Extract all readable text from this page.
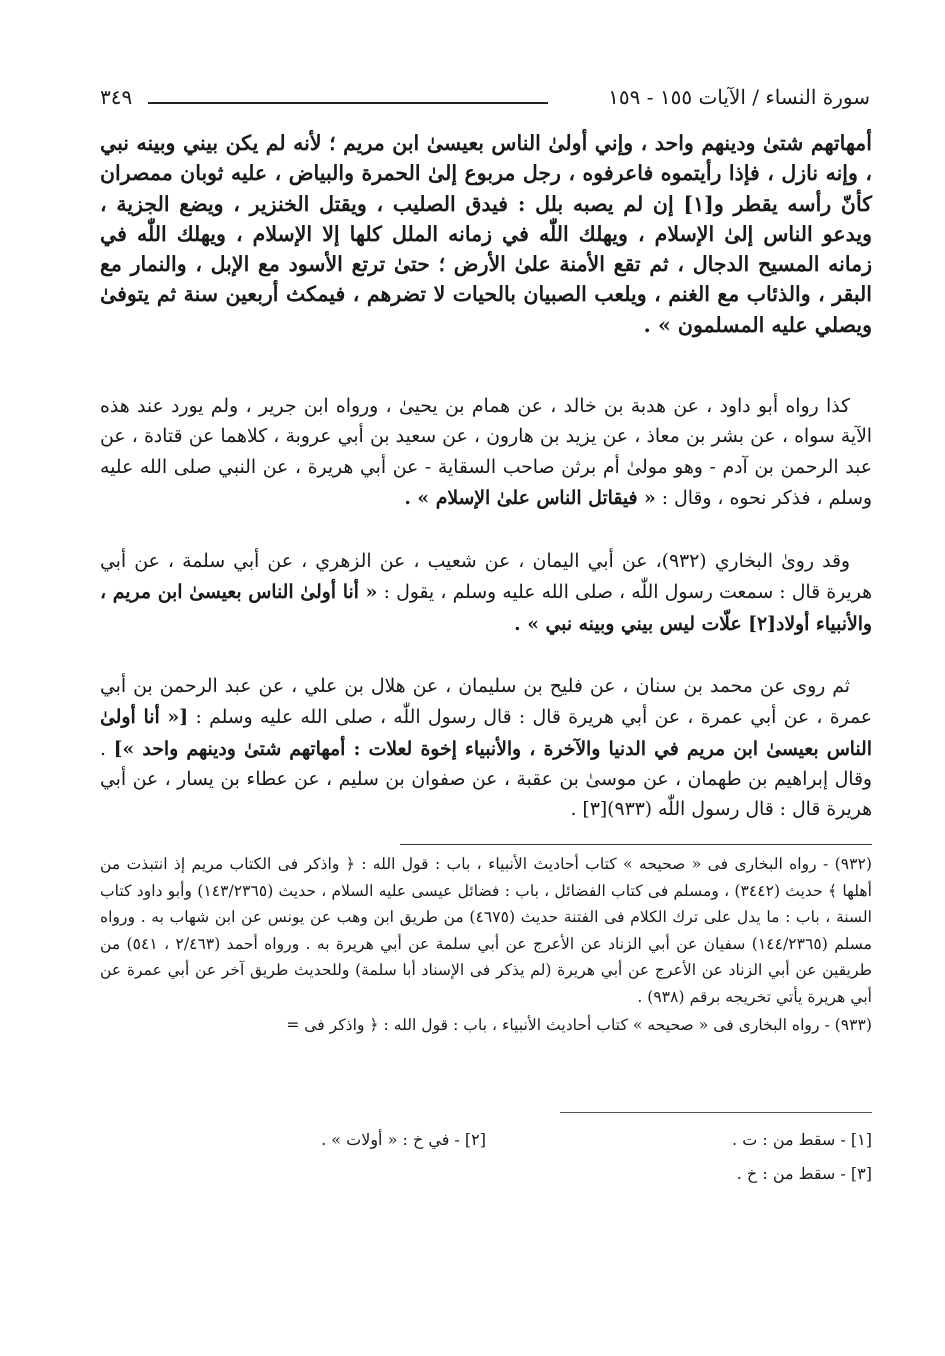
سورة النساء / الآيات ١٥٥ - ١٥٩
٣٤٩
أمهاتهم شتىٰ ودينهم واحد ، وإني أولىٰ الناس بعيسىٰ ابن مريم ؛ لأنه لم يكن بيني وبينه نبي ، وإنه نازل ، فإذا رأيتموه فاعرفوه ، رجل مربوع إلىٰ الحمرة والبياض ، عليه ثوبان ممصران كأنّ رأسه يقطر و[١] إن لم يصبه بلل : فيدق الصليب ، ويقتل الخنزير ، ويضع الجزية ، ويدعو الناس إلىٰ الإسلام ، ويهلك اللّٰه في زمانه الملل كلها إلا الإسلام ، ويهلك اللّٰه في زمانه المسيح الدجال ، ثم تقع الأمنة علىٰ الأرض ؛ حتىٰ ترتع الأسود مع الإبل ، والنمار مع البقر ، والذئاب مع الغنم ، ويلعب الصبيان بالحيات لا تضرهم ، فيمكث أربعين سنة ثم يتوفىٰ ويصلي عليه المسلمون » .
كذا رواه أبو داود ، عن هدبة بن خالد ، عن همام بن يحيىٰ ، ورواه ابن جرير ، ولم يورد عند هذه الآية سواه ، عن بشر بن معاذ ، عن يزيد بن هارون ، عن سعيد بن أبي عروبة ، كلاهما عن قتادة ، عن عبد الرحمن بن آدم - وهو مولىٰ أم برثن صاحب السقاية - عن أبي هريرة ، عن النبي صلى الله عليه وسلم ، فذكر نحوه ، وقال : « فيقاتل الناس علىٰ الإسلام » .
وقد روىٰ البخاري (٩٣٢)، عن أبي اليمان ، عن شعيب ، عن الزهري ، عن أبي سلمة ، عن أبي هريرة قال : سمعت رسول اللّٰه ، صلى الله عليه وسلم ، يقول : « أنا أولىٰ الناس بعيسىٰ ابن مريم ، والأنبياء أولاد[٢] علّات ليس بيني وبينه نبي » .
ثم روى عن محمد بن سنان ، عن فليح بن سليمان ، عن هلال بن علي ، عن عبد الرحمن بن أبي عمرة ، عن أبي عمرة ، عن أبي هريرة قال : قال رسول اللّٰه ، صلى الله عليه وسلم : [« أنا أولىٰ الناس بعيسىٰ ابن مريم في الدنيا والآخرة ، والأنبياء إخوة لعلات : أمهاتهم شتىٰ ودينهم واحد »] . وقال إبراهيم بن طهمان ، عن موسىٰ بن عقبة ، عن صفوان بن سليم ، عن عطاء بن يسار ، عن أبي هريرة قال : قال رسول اللّٰه (٩٣٣)[٣] .

(٩٣٢) - رواه البخارى فى « صحيحه » كتاب أحاديث الأنبياء ، باب : قول الله : ﴿ واذكر فى الكتاب مريم إذ انتبذت من أهلها ﴾ حديث (٣٤٤٢) ، ومسلم فى كتاب الفضائل ، باب : فضائل عيسى عليه السلام ، حديث (١٤٣/٢٣٦٥) وأبو داود كتاب السنة ، باب : ما يدل على ترك الكلام فى الفتنة حديث (٤٦٧٥) من طريق ابن وهب عن يونس عن ابن شهاب به . ورواه مسلم (١٤٤/٢٣٦٥) سفيان عن أبي الزناد عن الأعرج عن أبي سلمة عن أبي هريرة به . ورواه أحمد (٢/٤٦٣ ، ٥٤١) من طريقين عن أبي الزناد عن الأعرج عن أبي هريرة (لم يذكر فى الإسناد أبا سلمة) وللحديث طريق آخر عن أبي عمرة عن أبي هريرة يأتي تخريجه برقم (٩٣٨) .

(٩٣٣) - رواه البخارى فى « صحيحه » كتاب أحاديث الأنبياء ، باب : قول الله : ﴿ واذكر فى =

[١] - سقط من : ت .
[٢] - في خ : « أولات » .
[٣] - سقط من : خ .
